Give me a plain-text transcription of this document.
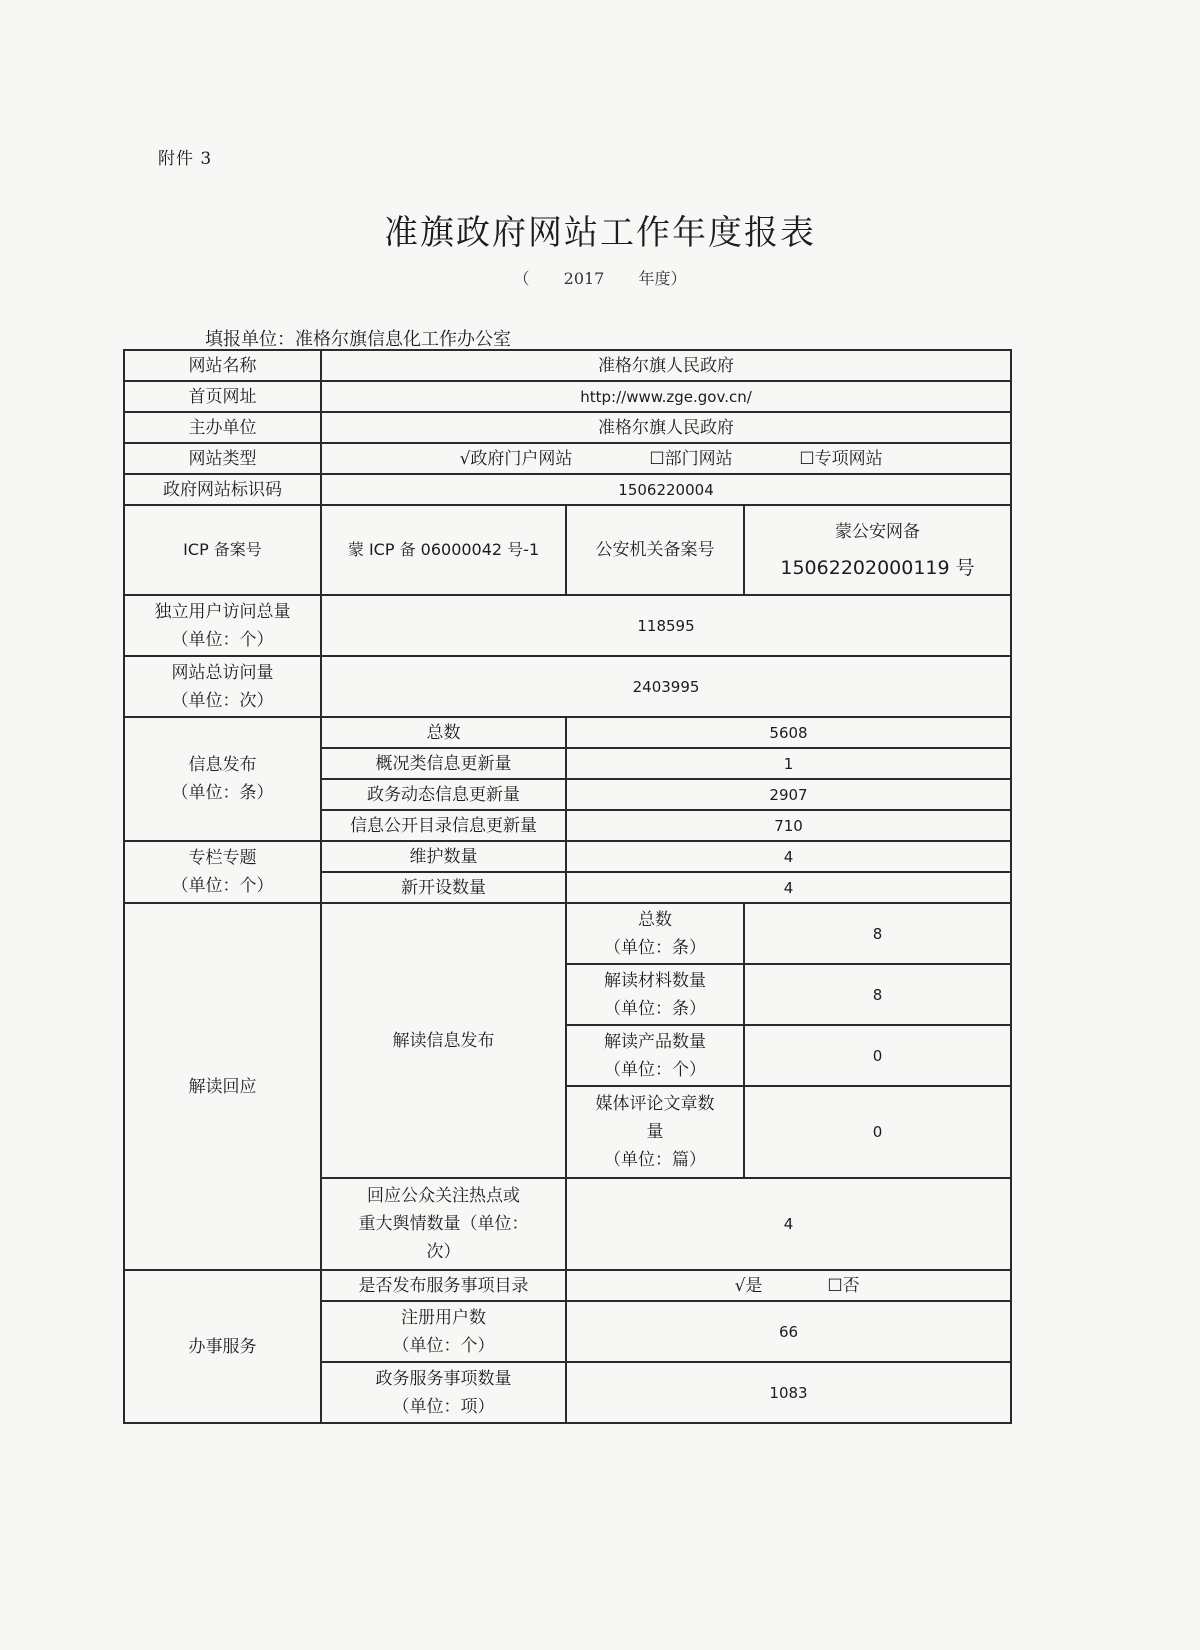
附件 3
准旗政府网站工作年度报表
（ 2017 年度）
填报单位：准格尔旗信息化工作办公室
网站名称	准格尔旗人民政府		
首页网址	http://www.zge.gov.cn/		
主办单位	准格尔旗人民政府		
网站类型	√政府门户网站 ☐部门网站 ☐专项网站		
政府网站标识码	1506220004		
ICP 备案号	蒙 ICP 备 06000042 号-1	公安机关备案号	蒙公安网备
15062202000119 号

独立用户访问总量
（单位：个）	118595		

网站总访问量
（单位：次）	2403995		

信息发布
（单位：条）	总数	5608	
	概况类信息更新量	1	
	政务动态信息更新量	2907	
	信息公开目录信息更新量	710	

专栏专题
（单位：个）	维护数量	4	
	新开设数量	4	
解读回应	解读信息发布	总数
（单位：条）	8

		解读材料数量
（单位：条）	8

		解读产品数量
（单位：个）	0

		媒体评论文章数
量
（单位：篇）	0

	回应公众关注热点或
重大舆情数量（单位：
次）	4	
办事服务	是否发布服务事项目录	√是 ☐否	

	注册用户数
（单位：个）	66	

	政务服务事项数量
（单位：项）	1083	
